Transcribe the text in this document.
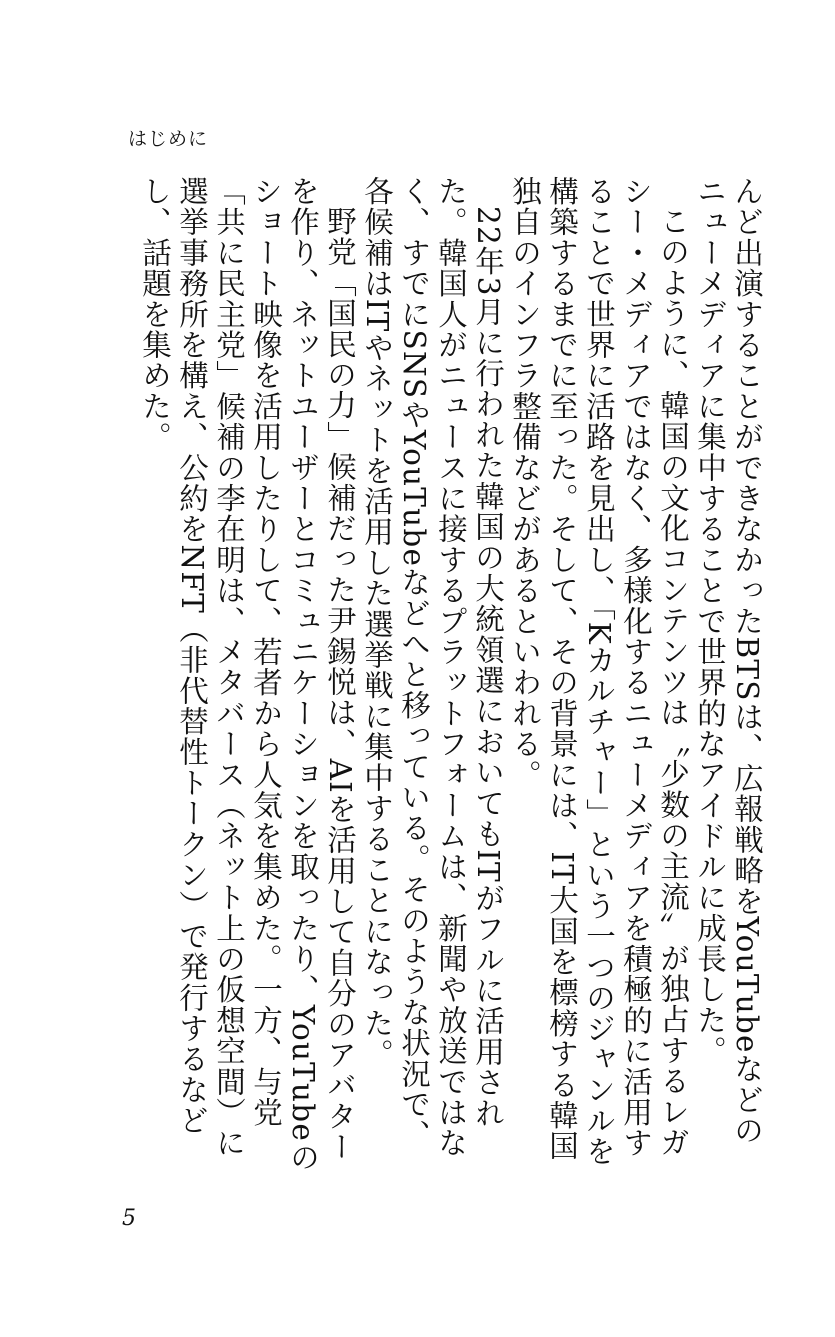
はじめに

んど出演することができなかったBTSは、広報戦略をYouTubeなどのニューメディアに集中することで世界的なアイドルに成長した。

このように、韓国の文化コンテンツは〝少数の主流〟が独占するレガシー・メディアではなく、多様化するニューメディアを積極的に活用することで世界に活路を見出し、「Kカルチャー」という一つのジャンルを構築するまでに至った。そして、その背景には、IT大国を標榜する韓国独自のインフラ整備などがあるといわれる。

22年3月に行われた韓国の大統領選においてもITがフルに活用された。韓国人がニュースに接するプラットフォームは、新聞や放送ではなく、すでにSNSやYouTubeなどへと移っている。そのような状況で、各候補はITやネットを活用した選挙戦に集中することになった。

野党「国民の力」候補だった尹錫悦は、AIを活用して自分のアバターを作り、ネットユーザーとコミュニケーションを取ったり、YouTubeのショート映像を活用したりして、若者から人気を集めた。一方、与党「共に民主党」候補の李在明は、メタバース（ネット上の仮想空間）に選挙事務所を構え、公約をNFT（非代替性トークン）で発行するなどし、話題を集めた。

5
